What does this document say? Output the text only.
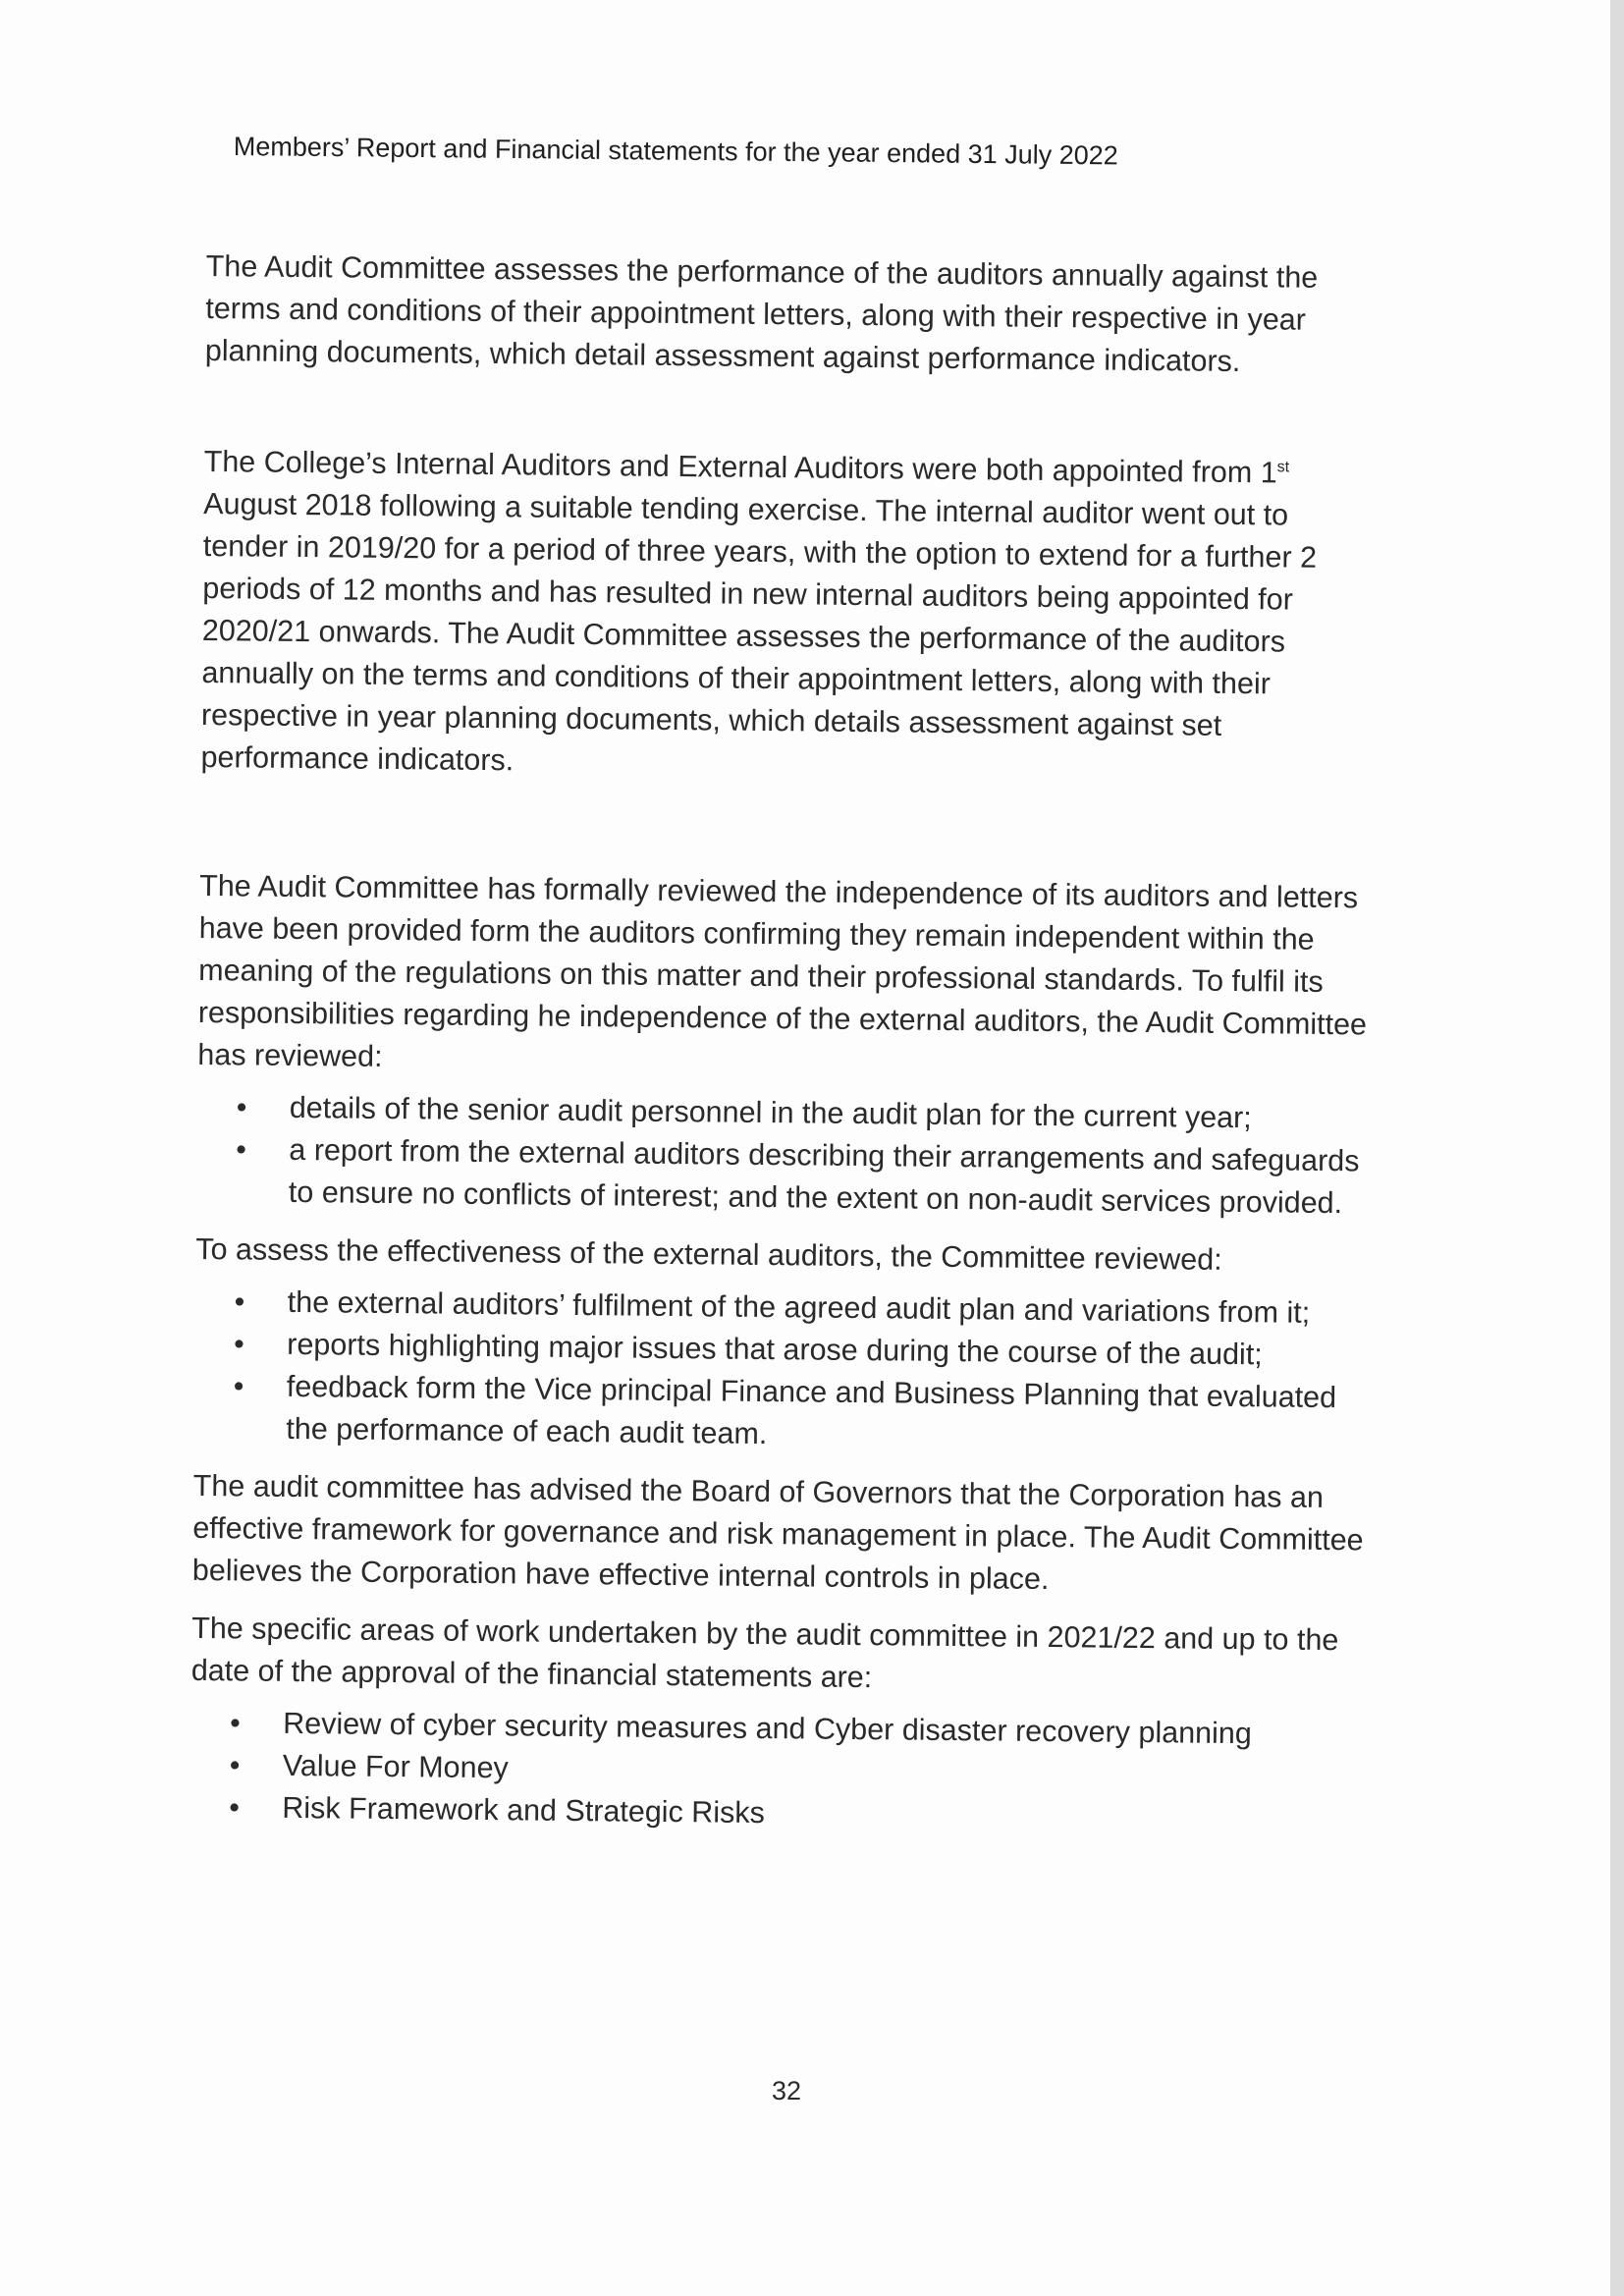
Members’ Report and Financial statements for the year ended 31 July 2022

The Audit Committee assesses the performance of the auditors annually against the terms and conditions of their appointment letters, along with their respective in year planning documents, which detail assessment against performance indicators.

The College’s Internal Auditors and External Auditors were both appointed from 1st August 2018 following a suitable tending exercise. The internal auditor went out to tender in 2019/20 for a period of three years, with the option to extend for a further 2 periods of 12 months and has resulted in new internal auditors being appointed for 2020/21 onwards. The Audit Committee assesses the performance of the auditors annually on the terms and conditions of their appointment letters, along with their respective in year planning documents, which details assessment against set performance indicators.

The Audit Committee has formally reviewed the independence of its auditors and letters have been provided form the auditors confirming they remain independent within the meaning of the regulations on this matter and their professional standards. To fulfil its responsibilities regarding he independence of the external auditors, the Audit Committee has reviewed:

• details of the senior audit personnel in the audit plan for the current year;
• a report from the external auditors describing their arrangements and safeguards to ensure no conflicts of interest; and the extent on non-audit services provided.

To assess the effectiveness of the external auditors, the Committee reviewed:

• the external auditors’ fulfilment of the agreed audit plan and variations from it;
• reports highlighting major issues that arose during the course of the audit;
• feedback form the Vice principal Finance and Business Planning that evaluated the performance of each audit team.

The audit committee has advised the Board of Governors that the Corporation has an effective framework for governance and risk management in place. The Audit Committee believes the Corporation have effective internal controls in place.

The specific areas of work undertaken by the audit committee in 2021/22 and up to the date of the approval of the financial statements are:

• Review of cyber security measures and Cyber disaster recovery planning
• Value For Money
• Risk Framework and Strategic Risks
32
